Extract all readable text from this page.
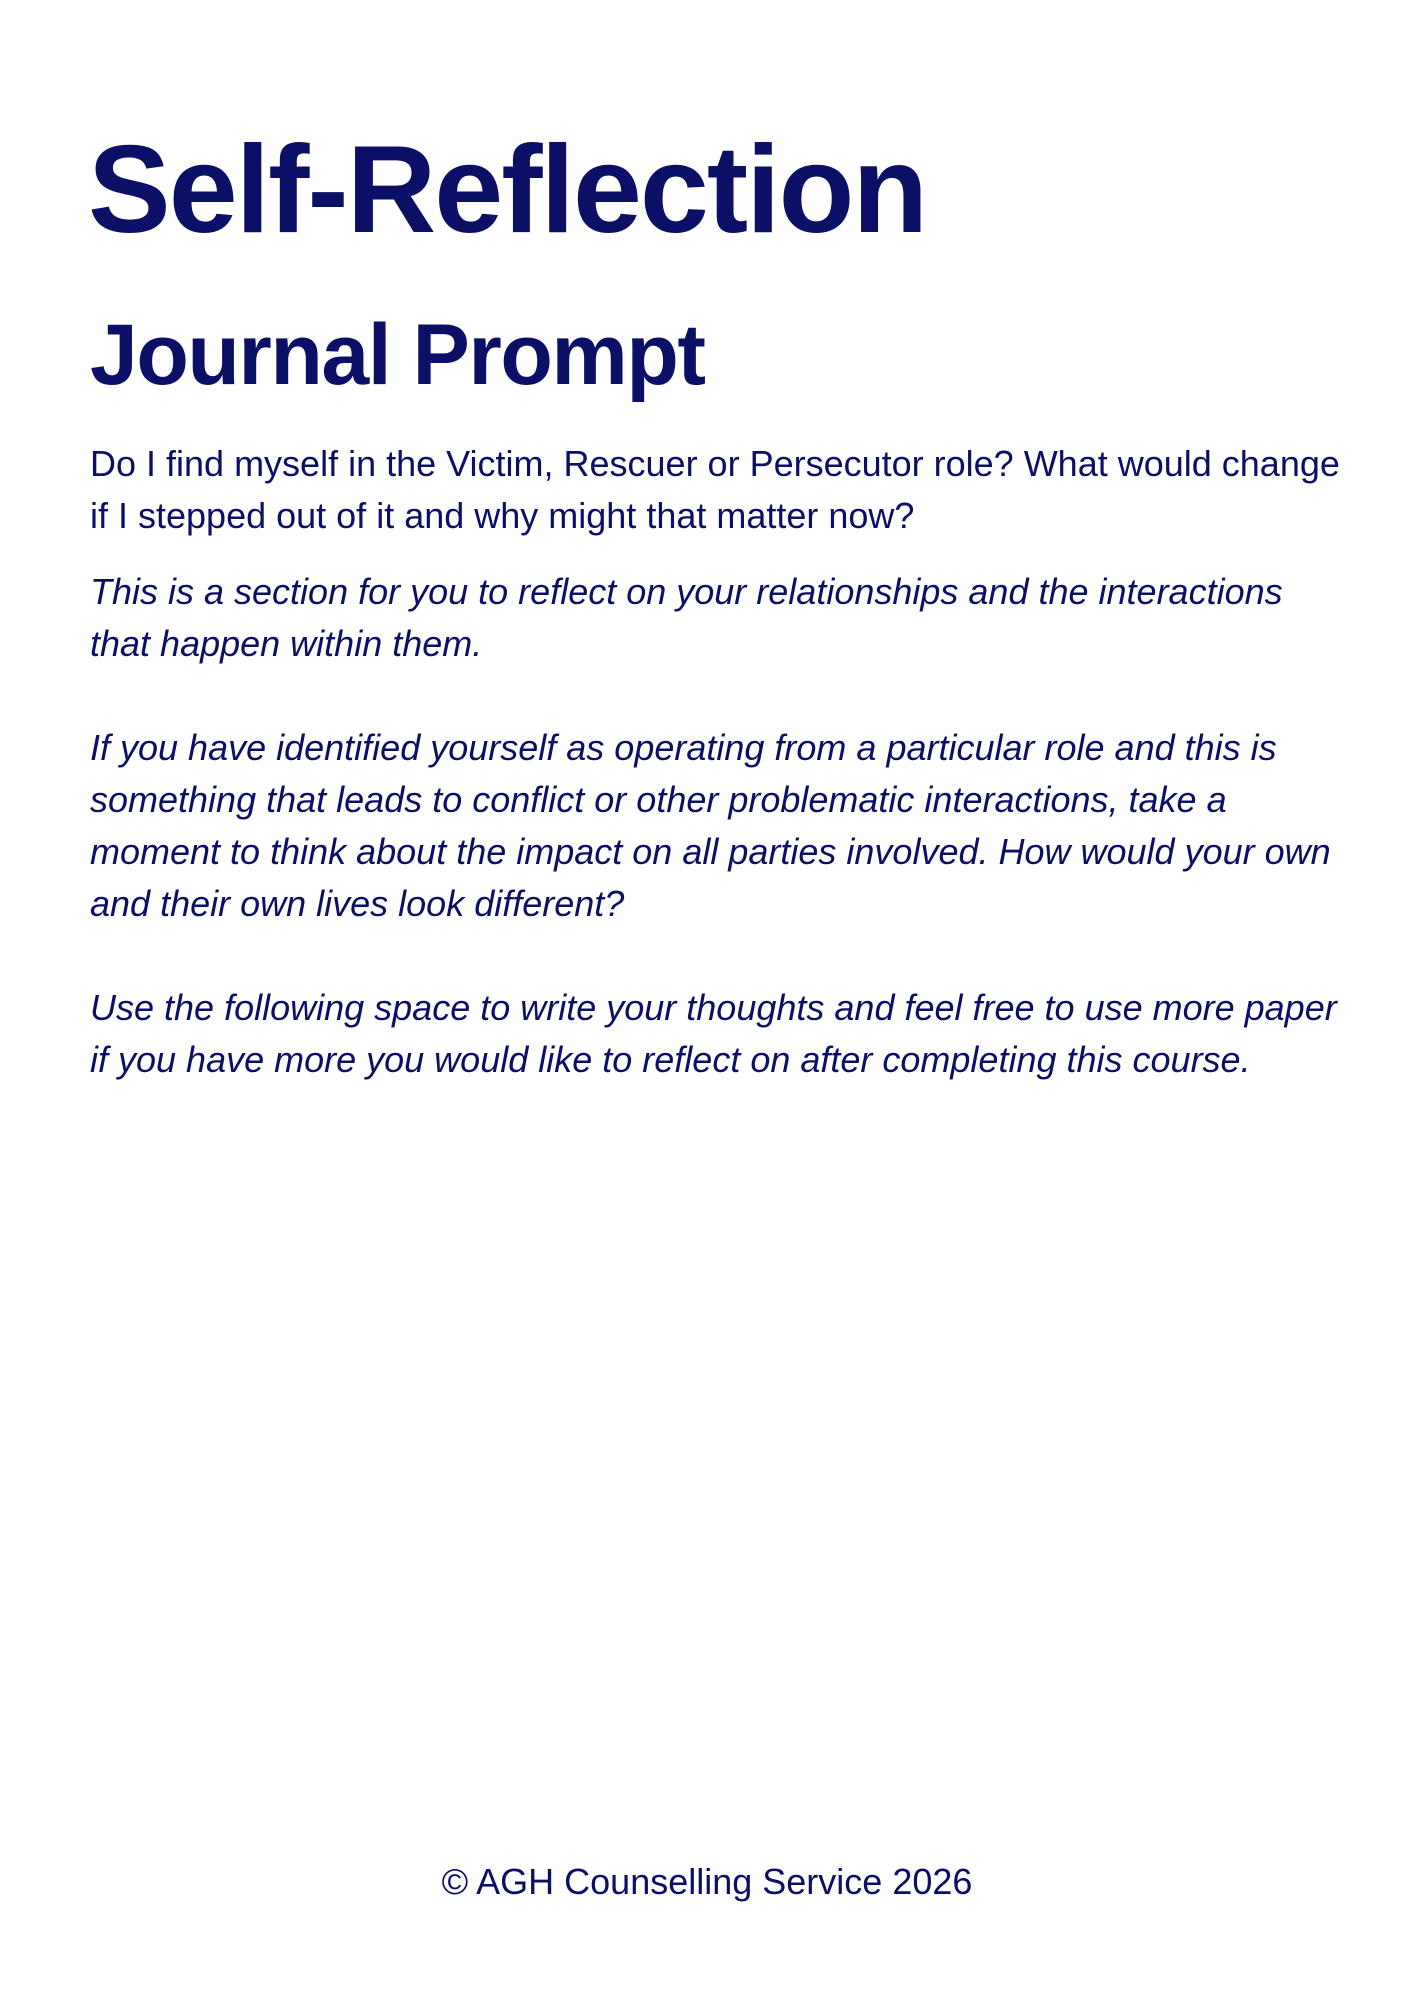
Self-Reflection
Journal Prompt

Do I find myself in the Victim, Rescuer or Persecutor role? What would change if I stepped out of it and why might that matter now?

This is a section for you to reflect on your relationships and the interactions that happen within them.

If you have identified yourself as operating from a particular role and this is something that leads to conflict or other problematic interactions, take a moment to think about the impact on all parties involved. How would your own and their own lives look different?

Use the following space to write your thoughts and feel free to use more paper if you have more you would like to reflect on after completing this course.

© AGH Counselling Service 2026
